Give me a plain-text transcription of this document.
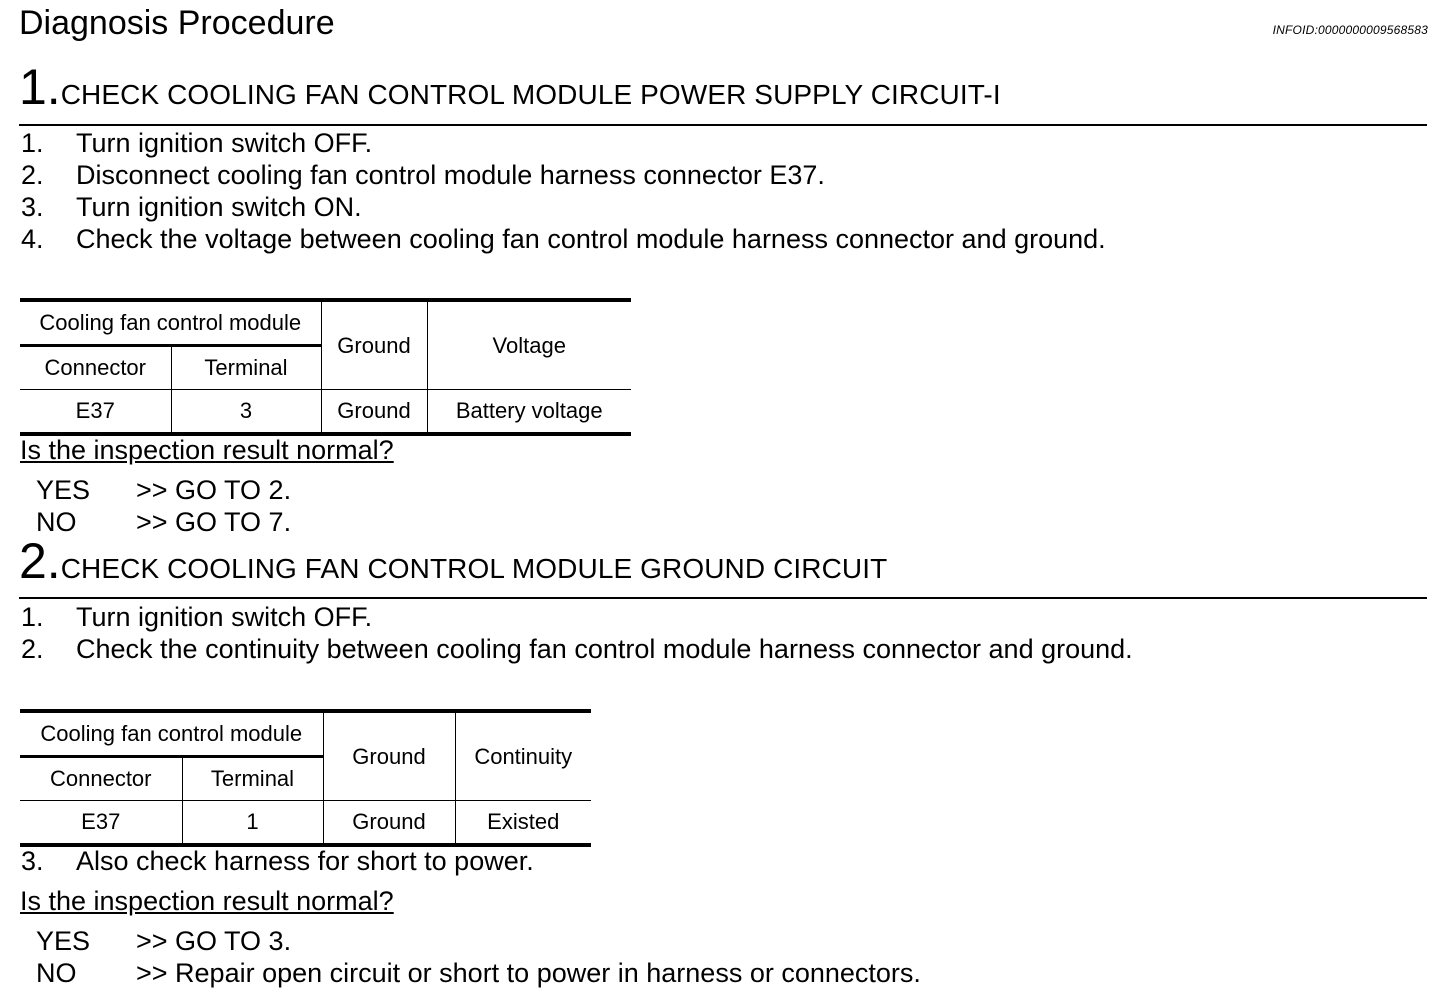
Diagnosis Procedure	INFOID:0000000009568583
1.CHECK COOLING FAN CONTROL MODULE POWER SUPPLY CIRCUIT-I
1. Turn ignition switch OFF.
2. Disconnect cooling fan control module harness connector E37.
3. Turn ignition switch ON.
4. Check the voltage between cooling fan control module harness connector and ground.
Cooling fan control module		Ground	Voltage
Connector	Terminal		
E37	3	Ground	Battery voltage
Is the inspection result normal?
YES >> GO TO 2.
NO >> GO TO 7.
2.CHECK COOLING FAN CONTROL MODULE GROUND CIRCUIT
1. Turn ignition switch OFF.
2. Check the continuity between cooling fan control module harness connector and ground.
Cooling fan control module		Ground	Continuity
Connector	Terminal		
E37	1	Ground	Existed
3. Also check harness for short to power.
Is the inspection result normal?
YES >> GO TO 3.
NO >> Repair open circuit or short to power in harness or connectors.
